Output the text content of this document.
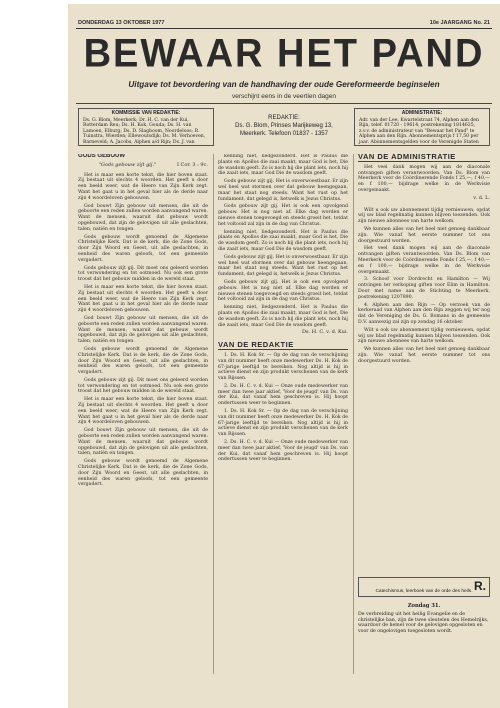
DONDERDAG 13 OKTOBER 1977	10e JAARGANG No. 21
BEWAAR HET PAND
Uitgave tot bevordering van de handhaving der oude Gereformeerde beginselen
verschijnt eens in de veertien dagen
KOMMISSIE VAN REDAKTIE:
Ds. G. Blom, Meerkerk; Dr. H. C. van der Kui, Rotterdam Reu; Ds. H. Kok, Gouda; Ds. H. van Lamoen, Elburg; Ds. D. Slagboom, Noordeloos; B. Tuinstra, Wierden; Ellewoutsdijk; Ds. M. Verhoeven, Barneveld; A. Jacobs, Alphen a/d Rijn; Ds. J. van
REDAKTIE:
Ds. G. Blom, Prinses Marijkeweg 13, Meerkerk. Telefoon 01837 - 1357
ADMINISTRATIE:
Adr. van der Lee, Kwartelstraat 74, Alphen aan den Rijn, telef. 01720 - 19614, postrekening 1814635, z.v.v. de administrateur van "Bewaar het Pand" te Alphen aan den Rijn. Abonnementsprijs f 17,50 per jaar. Abonnementsgelden voor de Verenigde Staten
GODS GEBOUW
"Gods gebouw zijt gij."	I Cor. 3 : 9c.

Het is maar een korte tekst, die hier boven staat. Zij bestaat uit slechts 4 woorden. Het geeft u door een beeld weer, wat de Heere van Zijn Kerk zegt. Want het gaat u in het geval hier als de derde naar zijn 4 woordeloven gebouwen.

God bouwt Zijn gebouw uit mensen, die uit de geboorte een reden zullen worden aanvangend waren. Want de mensen, waaruit dat gebouw wordt opgebouwd, dat zijn de gelovigen uit alle geslachten, talen, natiën en tongen.

Gods gebouw wordt genoemd de Algemene Christelijke Kerk. Dat is de kerk, die de Zone Gods, door Zijn Woord en Geest, uit alle geslachten, in eenheid des waren geloofs, tot een gemeente vergadert.

Gods gebouw zijt gij. Dit moet ons geleerd worden tot verwondering en tot ootmoed. Nu ook een grote troost dat het gebouw midden in de wereld staat.

Het is maar een korte tekst, die hier boven staat. Zij bestaat uit slechts 4 woorden. Het geeft u door een beeld weer, wat de Heere van Zijn Kerk zegt. Want het gaat u in het geval hier als de derde naar zijn 4 woordeloven gebouwen.

God bouwt Zijn gebouw uit mensen, die uit de geboorte een reden zullen worden aanvangend waren. Want de mensen, waaruit dat gebouw wordt opgebouwd, dat zijn de gelovigen uit alle geslachten, talen, natiën en tongen.

Gods gebouw wordt genoemd de Algemene Christelijke Kerk. Dat is de kerk, die de Zone Gods, door Zijn Woord en Geest, uit alle geslachten, in eenheid des waren geloofs, tot een gemeente vergadert.

Gods gebouw zijt gij. Dit moet ons geleerd worden tot verwondering en tot ootmoed. Nu ook een grote troost dat het gebouw midden in de wereld staat.

Het is maar een korte tekst, die hier boven staat. Zij bestaat uit slechts 4 woorden. Het geeft u door een beeld weer, wat de Heere van Zijn Kerk zegt. Want het gaat u in het geval hier als de derde naar zijn 4 woordeloven gebouwen.

God bouwt Zijn gebouw uit mensen, die uit de geboorte een reden zullen worden aanvangend waren. Want de mensen, waaruit dat gebouw wordt opgebouwd, dat zijn de gelovigen uit alle geslachten, talen, natiën en tongen.

Gods gebouw wordt genoemd de Algemene Christelijke Kerk. Dat is de kerk, die de Zone Gods, door Zijn Woord en Geest, uit alle geslachten, in eenheid des waren geloofs, tot een gemeente vergadert.

kenning niet, liedgezonderd. Het is Paulus die plaats en Apollos die zaai maakt, maar God is het, Die de wasdom geeft. Zo is noch hij die plant iets, noch hij die zaait iets, maar God Die de wasdom geeft.

Gods gebouw zijt gij. Het is onverwoestbaar. Er zijn wel heel wat stormen over dat gebouw heengegaan, maar het staat nog steeds. Want het rust op het fundament, dat gelegd is, hetwelk is Jezus Christus.

Gods gebouw zijt gij. Het is ook een opvolgend gebouw. Het is nog niet af. Elke dag worden er nieuwe stenen toegevoegd en steeds groeit het, totdat het voltooid zal zijn in de dag van Christus.

kenning niet, liedgezonderd. Het is Paulus die plaats en Apollos die zaai maakt, maar God is het, Die de wasdom geeft. Zo is noch hij die plant iets, noch hij die zaait iets, maar God Die de wasdom geeft.

Gods gebouw zijt gij. Het is onverwoestbaar. Er zijn wel heel wat stormen over dat gebouw heengegaan, maar het staat nog steeds. Want het rust op het fundament, dat gelegd is, hetwelk is Jezus Christus.

Gods gebouw zijt gij. Het is ook een opvolgend gebouw. Het is nog niet af. Elke dag worden er nieuwe stenen toegevoegd en steeds groeit het, totdat het voltooid zal zijn in de dag van Christus.

kenning niet, liedgezonderd. Het is Paulus die plaats en Apollos die zaai maakt, maar God is het, Die de wasdom geeft. Zo is noch hij die plant iets, noch hij die zaait iets, maar God Die de wasdom geeft.

Ds. H. C. v. d. Kui.
VAN DE REDAKTIE

1. Ds. H. Kok Sr. — Op de dag van de verschijning van dit nummer heeft onze medewerker Ds. H. Kok de 67-jarige leeftijd te bereiken. Nog altijd is hij in actieve dienst en zijn produkt verschenen van de kerk van Rijssen.

2. Ds. H. C. v. d. Kui — Onze oude medewerker van meer dan twee jaar aktief, 'Voor de jeugd' van Ds. van der Kui, dat vanaf hem geschreven is. Hij hoopt ondertussen weer te beginnen.

1. Ds. H. Kok Sr. — Op de dag van de verschijning van dit nummer heeft onze medewerker Ds. H. Kok de 67-jarige leeftijd te bereiken. Nog altijd is hij in actieve dienst en zijn produkt verschenen van de kerk van Rijssen.

2. Ds. H. C. v. d. Kui — Onze oude medewerker van meer dan twee jaar aktief, 'Voor de jeugd' van Ds. van der Kui, dat vanaf hem geschreven is. Hij hoopt ondertussen weer te beginnen.

VAN DE ADMINISTRATIE

Het veel dank mogen wij aan de diaconale ontvangen giften verantwoorden. Van Ds. Blom van Meerkerk voor de Coördinerende Fonds f 25,—, f 40,— en f 100,— bijdrage welke in de Werkvisie overgemaakt.

v. d. L.

Wilt u ook uw abonnement tijdig vernieuwen, opdat wij uw blad regelmatig kunnen blijven toezenden. Ook zijn nieuwe abonnees van harte welkom.

We kunnen alles van het heel niet genoeg dankbaar zijn. Wie vanaf het eerste nummer tot ons doorgestuurd worden.

Het veel dank mogen wij aan de diaconale ontvangen giften verantwoorden. Van Ds. Blom van Meerkerk voor de Coördinerende Fonds f 25,—, f 40,— en f 100,— bijdrage welke in de Werkvisie overgemaakt.

3. Schoof voor Dordrecht en Hamilton — Wij ontvingen ter verkoping giften voor Elim in Hamilton. Door met name aan de Stichting te Meerkerk, postrekening 1207890.

4. Alphen aan den Rijn — Op verzoek van de kerkeraad van Alphen aan den Rijn zeggen wij ter nog dat de Vereniging de Ds. G. Bomans in de gemeente D.V. aanwezig zal zijn op zondag 16 oktober.

Wilt u ook uw abonnement tijdig vernieuwen, opdat wij uw blad regelmatig kunnen blijven toezenden. Ook zijn nieuwe abonnees van harte welkom.

We kunnen alles van het heel niet genoeg dankbaar zijn. Wie vanaf het eerste nummer tot ons doorgestuurd worden.

R.
Catechismus, leerboek van de orde des heils.
Zondag 31.
De verbreiding uit het heilig Evangelie en de christelijke ban, zijn de twee sleutelen des Hemelrijks, waardoor de hemel voor de gelovigen opgesloten en voor de ongelovigen toegesloten wordt.
